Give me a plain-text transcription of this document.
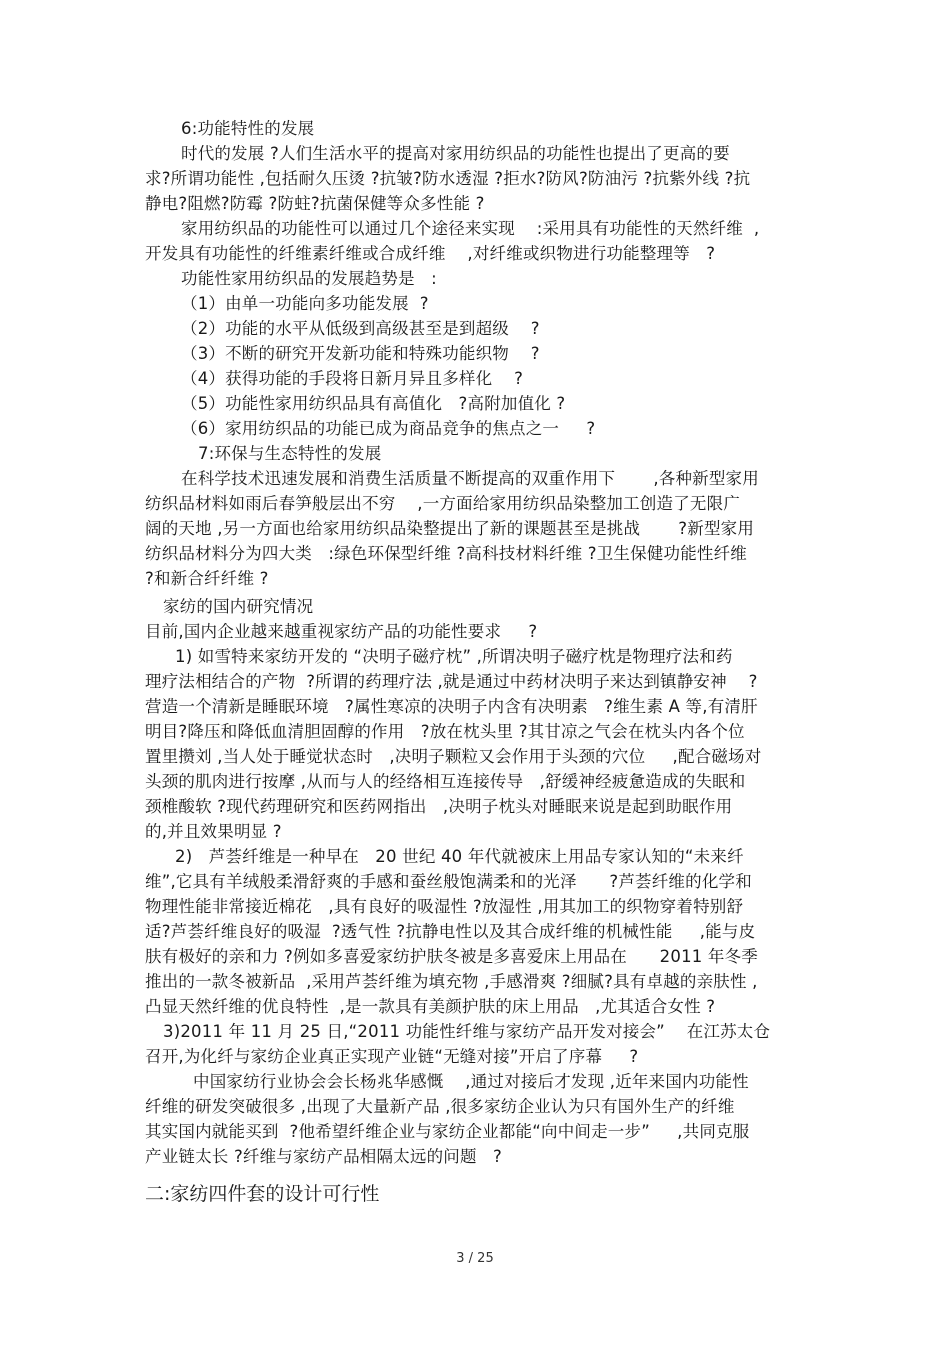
6:功能特性的发展
时代的发展 ?人们生活水平的提高对家用纺织品的功能性也提出了更高的要
求?所谓功能性 ,包括耐久压烫 ?抗皱?防水透湿 ?拒水?防风?防油污 ?抗紫外线 ?抗
静电?阻燃?防霉 ?防蛀?抗菌保健等众多性能 ?
家用纺织品的功能性可以通过几个途径来实现    :采用具有功能性的天然纤维  ,
开发具有功能性的纤维素纤维或合成纤维    ,对纤维或织物进行功能整理等   ?
功能性家用纺织品的发展趋势是   :
（1）由单一功能向多功能发展  ?
（2）功能的水平从低级到高级甚至是到超级    ?
（3）不断的研究开发新功能和特殊功能织物    ?
（4）获得功能的手段将日新月异且多样化    ?
（5）功能性家用纺织品具有高值化   ?高附加值化 ?
（6）家用纺织品的功能已成为商品竞争的焦点之一     ?
7:环保与生态特性的发展
在科学技术迅速发展和消费生活质量不断提高的双重作用下       ,各种新型家用
纺织品材料如雨后春笋般层出不穷    ,一方面给家用纺织品染整加工创造了无限广
阔的天地 ,另一方面也给家用纺织品染整提出了新的课题甚至是挑战       ?新型家用
纺织品材料分为四大类   :绿色环保型纤维 ?高科技材料纤维 ?卫生保健功能性纤维
?和新合纤纤维 ?
家纺的国内研究情况
目前,国内企业越来越重视家纺产品的功能性要求     ?
1) 如雪特来家纺开发的 “决明子磁疗枕” ,所谓决明子磁疗枕是物理疗法和药
理疗法相结合的产物  ?所谓的药理疗法 ,就是通过中药材决明子来达到镇静安神    ?
营造一个清新是睡眠环境   ?属性寒凉的决明子内含有决明素   ?维生素 A 等,有清肝
明目?降压和降低血清胆固醇的作用   ?放在枕头里 ?其甘凉之气会在枕头内各个位
置里攒刘 ,当人处于睡觉状态时   ,决明子颗粒又会作用于头颈的穴位     ,配合磁场对
头颈的肌肉进行按摩 ,从而与人的经络相互连接传导   ,舒缓神经疲惫造成的失眠和
颈椎酸软 ?现代药理研究和医药网指出   ,决明子枕头对睡眠来说是起到助眠作用
的,并且效果明显 ?
2)   芦荟纤维是一种早在   20 世纪 40 年代就被床上用品专家认知的“未来纤
维”,它具有羊绒般柔滑舒爽的手感和蚕丝般饱满柔和的光泽      ?芦荟纤维的化学和
物理性能非常接近棉花   ,具有良好的吸湿性 ?放湿性 ,用其加工的织物穿着特别舒
适?芦荟纤维良好的吸湿  ?透气性 ?抗静电性以及其合成纤维的机械性能     ,能与皮
肤有极好的亲和力 ?例如多喜爱家纺护肤冬被是多喜爱床上用品在      2011 年冬季
推出的一款冬被新品  ,采用芦荟纤维为填充物 ,手感滑爽 ?细腻?具有卓越的亲肤性 ,
凸显天然纤维的优良特性  ,是一款具有美颜护肤的床上用品   ,尤其适合女性 ?
3)2011 年 11 月 25 日,“2011 功能性纤维与家纺产品开发对接会”    在江苏太仓
召开,为化纤与家纺企业真正实现产业链“无缝对接”开启了序幕     ?
中国家纺行业协会会长杨兆华感慨    ,通过对接后才发现 ,近年来国内功能性
纤维的研发突破很多 ,出现了大量新产品 ,很多家纺企业认为只有国外生产的纤维
其实国内就能买到  ?他希望纤维企业与家纺企业都能“向中间走一步”     ,共同克服
产业链太长 ?纤维与家纺产品相隔太远的问题   ?
二:家纺四件套的设计可行性
3 / 25
